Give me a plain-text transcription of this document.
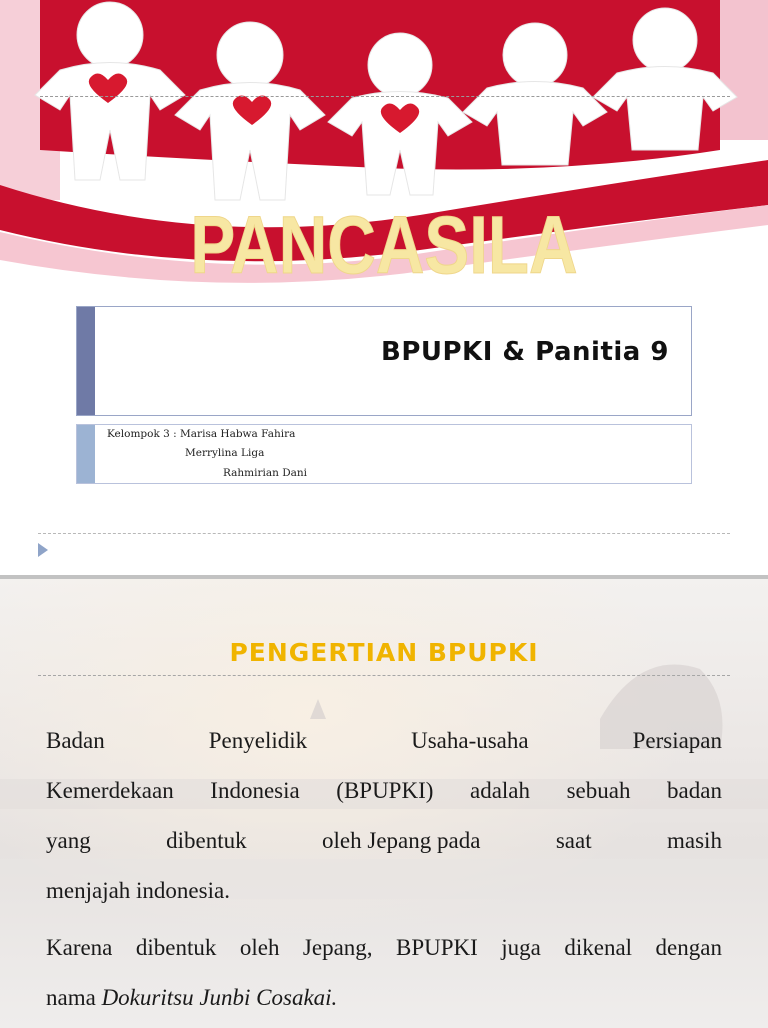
PANCASILA
BPUPKI & Panitia 9
Kelompok 3 : Marisa Habwa Fahira
Merrylina Liga
Rahmirian Dani
PENGERTIAN BPUPKI
Badan	Penyelidik	Usaha-usaha	Persiapan
Kemerdekaan Indonesia (BPUPKI) adalah sebuah badan
yang	dibentuk	oleh Jepang pada	saat	masih
menjajah indonesia.
Karena dibentuk oleh Jepang, BPUPKI juga dikenal dengan
nama Dokuritsu Junbi Cosakai.
